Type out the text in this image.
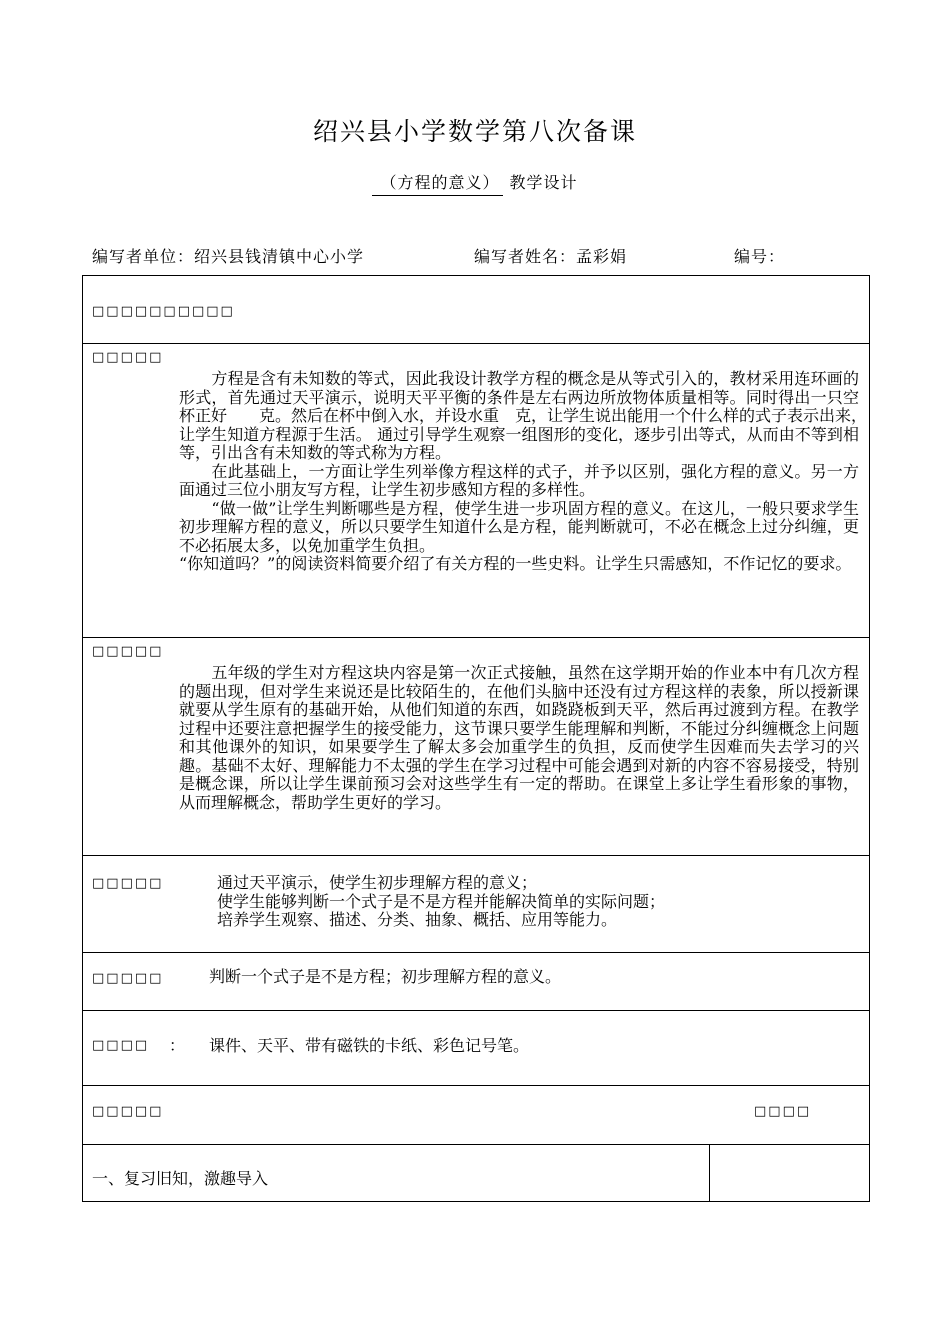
绍兴县小学数学第八次备课
（方程的意义） 教学设计
编写者单位：绍兴县钱清镇中心小学	编写者姓名：孟彩娟	编号：
□□□□□□□□□□

□□□□□

　　方程是含有未知数的等式，因此我设计教学方程的概念是从等式引入的，教材采用连环画的形式，首先通过天平演示，说明天平平衡的条件是左右两边所放物体质量相等。同时得出一只空杯正好　　克。然后在杯中倒入水，并设水重　克，让学生说出能用一个什么样的式子表示出来，　让学生知道方程源于生活。 通过引导学生观察一组图形的变化，逐步引出等式，从而由不等到相等，引出含有未知数的等式称为方程。

　　在此基础上，一方面让学生列举像方程这样的式子，并予以区别，强化方程的意义。另一方面通过三位小朋友写方程，让学生初步感知方程的多样性。

　　“做一做”让学生判断哪些是方程，使学生进一步巩固方程的意义。在这儿，一般只要求学生初步理解方程的意义，所以只要学生知道什么是方程，能判断就可，不必在概念上过分纠缠，更不必拓展太多，以免加重学生负担。

“你知道吗？”的阅读资料简要介绍了有关方程的一些史料。让学生只需感知，不作记忆的要求。

□□□□□

　　五年级的学生对方程这块内容是第一次正式接触，虽然在这学期开始的作业本中有几次方程的题出现，但对学生来说还是比较陌生的，在他们头脑中还没有过方程这样的表象，所以授新课就要从学生原有的基础开始，从他们知道的东西，如跷跷板到天平，然后再过渡到方程。在教学过程中还要注意把握学生的接受能力，这节课只要学生能理解和判断，不能过分纠缠概念上问题和其他课外的知识，如果要学生了解太多会加重学生的负担，反而使学生因难而失去学习的兴趣。基础不太好、理解能力不太强的学生在学习过程中可能会遇到对新的内容不容易接受，特别是概念课，所以让学生课前预习会对这些学生有一定的帮助。在课堂上多让学生看形象的事物，从而理解概念，帮助学生更好的学习。

□□□□□	通过天平演示，使学生初步理解方程的意义；
使学生能够判断一个式子是不是方程并能解决简单的实际问题；
培养学生观察、描述、分类、抽象、概括、应用等能力。

□□□□□	判断一个式子是不是方程；初步理解方程的意义。

□□□□ ： 课件、天平、带有磁铁的卡纸、彩色记号笔。

□□□□□	□□□□

一、复习旧知，激趣导入
